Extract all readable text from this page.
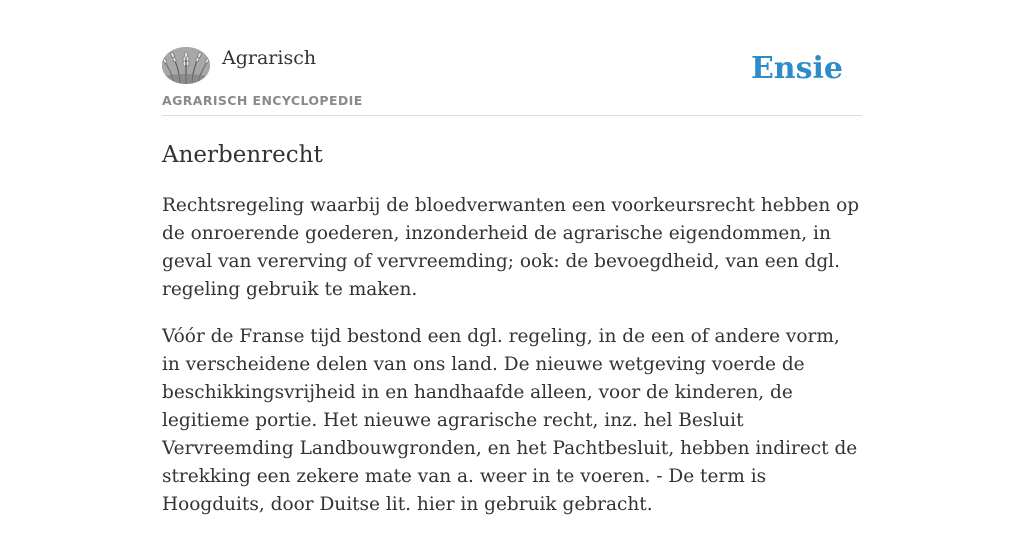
Agrarisch
AGRARISCH ENCYCLOPEDIE
Ensie
Anerbenrecht

Rechtsregeling waarbij de bloedverwanten een voorkeursrecht hebben op de onroerende goederen, inzonderheid de agrarische eigendommen, in geval van vererving of vervreemding; ook: de bevoegdheid, van een dgl. regeling gebruik te maken.

Vóór de Franse tijd bestond een dgl. regeling, in de een of andere vorm, in verscheidene delen van ons land. De nieuwe wetgeving voerde de beschikkingsvrijheid in en handhaafde alleen, voor de kinderen, de legitieme portie. Het nieuwe agrarische recht, inz. hel Besluit Vervreemding Landbouwgronden, en het Pachtbesluit, hebben indirect de strekking een zekere mate van a. weer in te voeren. - De term is Hoogduits, door Duitse lit. hier in gebruik gebracht.
